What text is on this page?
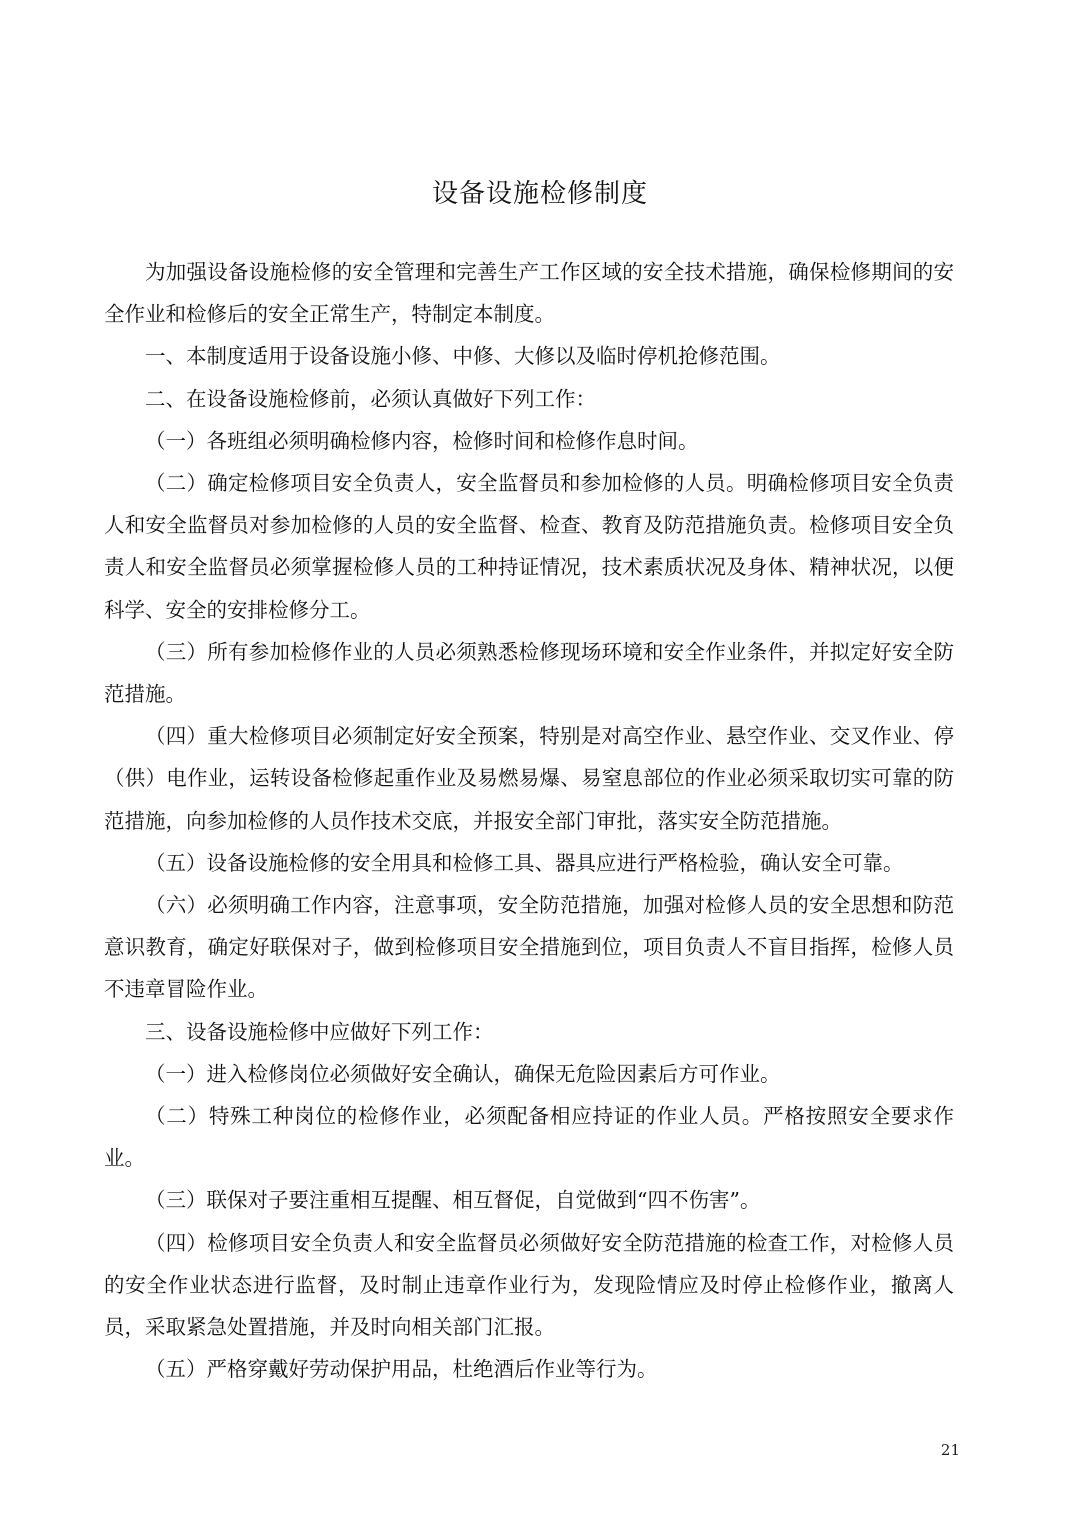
设备设施检修制度

为加强设备设施检修的安全管理和完善生产工作区域的安全技术措施，确保检修期间的安全作业和检修后的安全正常生产，特制定本制度。

一、本制度适用于设备设施小修、中修、大修以及临时停机抢修范围。

二、在设备设施检修前，必须认真做好下列工作：

（一）各班组必须明确检修内容，检修时间和检修作息时间。

（二）确定检修项目安全负责人，安全监督员和参加检修的人员。明确检修项目安全负责人和安全监督员对参加检修的人员的安全监督、检查、教育及防范措施负责。检修项目安全负责人和安全监督员必须掌握检修人员的工种持证情况，技术素质状况及身体、精神状况，以便科学、安全的安排检修分工。

（三）所有参加检修作业的人员必须熟悉检修现场环境和安全作业条件，并拟定好安全防范措施。

（四）重大检修项目必须制定好安全预案，特别是对高空作业、悬空作业、交叉作业、停（供）电作业，运转设备检修起重作业及易燃易爆、易窒息部位的作业必须采取切实可靠的防范措施，向参加检修的人员作技术交底，并报安全部门审批，落实安全防范措施。

（五）设备设施检修的安全用具和检修工具、器具应进行严格检验，确认安全可靠。

（六）必须明确工作内容，注意事项，安全防范措施，加强对检修人员的安全思想和防范意识教育，确定好联保对子，做到检修项目安全措施到位，项目负责人不盲目指挥，检修人员不违章冒险作业。

三、设备设施检修中应做好下列工作：

（一）进入检修岗位必须做好安全确认，确保无危险因素后方可作业。

（二）特殊工种岗位的检修作业，必须配备相应持证的作业人员。严格按照安全要求作业。

（三）联保对子要注重相互提醒、相互督促，自觉做到“四不伤害”。

（四）检修项目安全负责人和安全监督员必须做好安全防范措施的检查工作，对检修人员的安全作业状态进行监督，及时制止违章作业行为，发现险情应及时停止检修作业，撤离人员，采取紧急处置措施，并及时向相关部门汇报。

（五）严格穿戴好劳动保护用品，杜绝酒后作业等行为。

21
